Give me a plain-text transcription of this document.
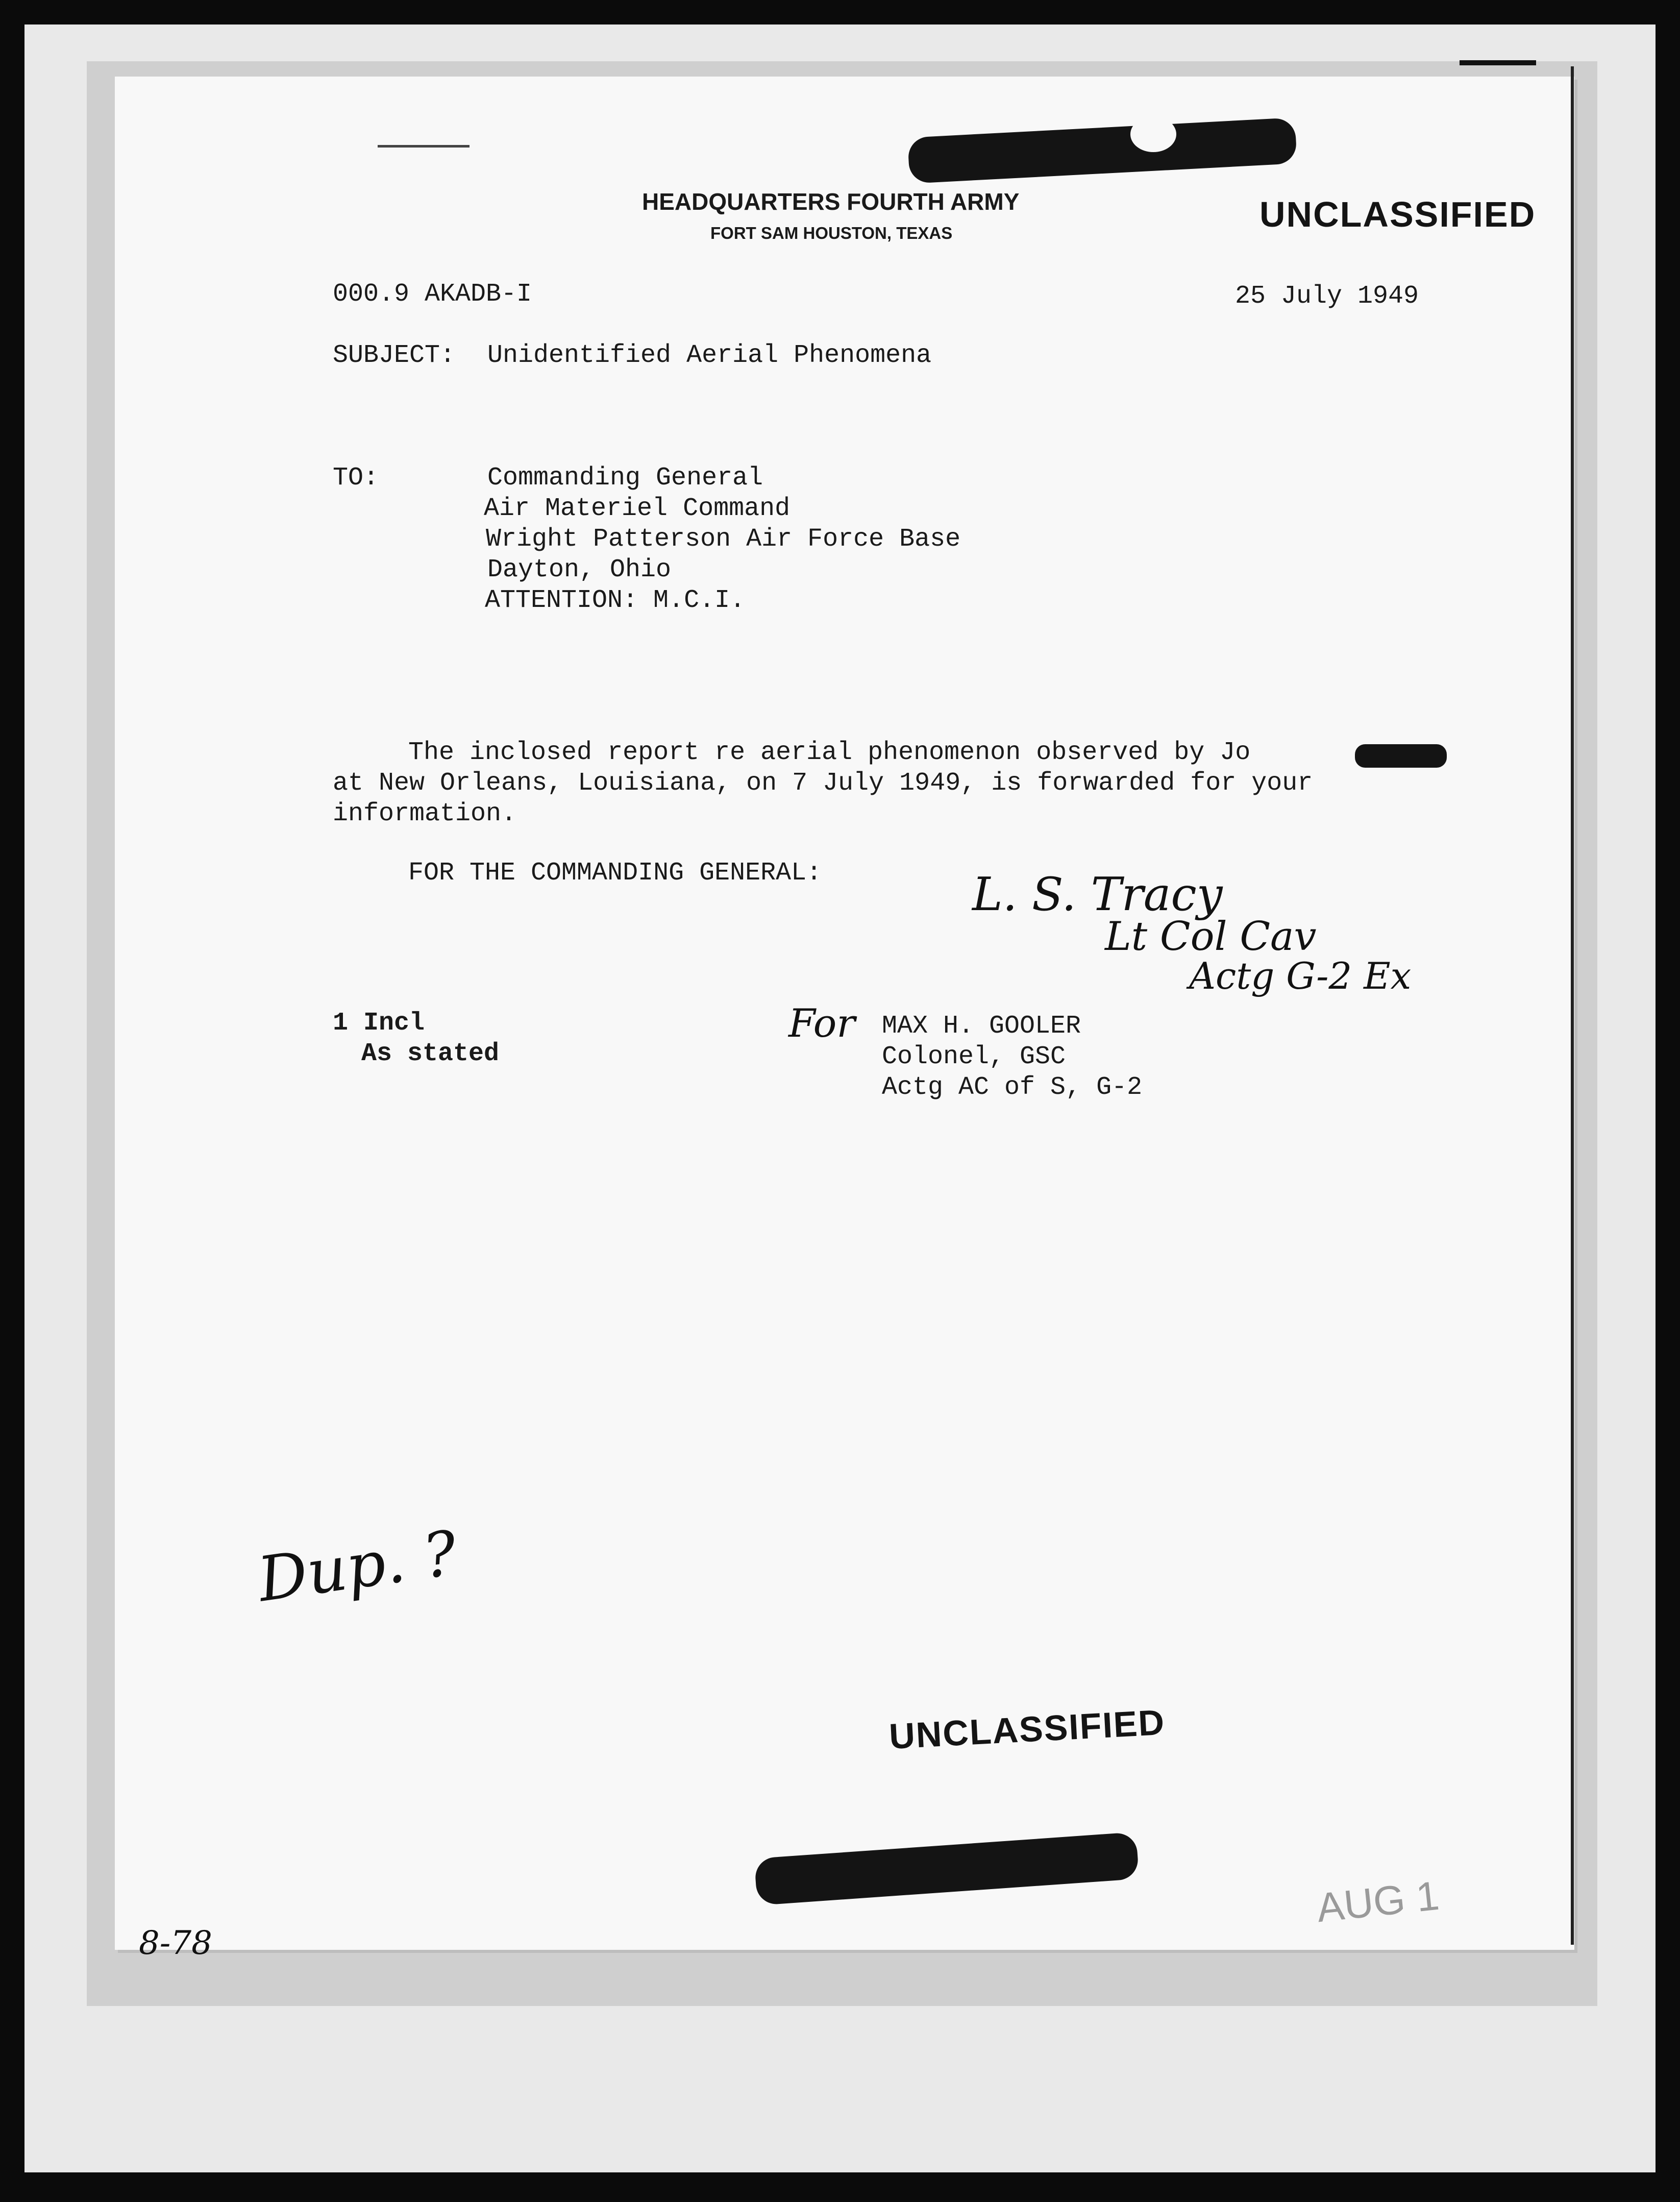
HEADQUARTERS FOURTH ARMY
FORT SAM HOUSTON, TEXAS	UNCLASSIFIED
000.9 AKADB-I	25 July 1949
SUBJECT: Unidentified Aerial Phenomena
TO:	Commanding General
Air Materiel Command
Wright Patterson Air Force Base
Dayton, Ohio
ATTENTION: M.C.I.
The inclosed report re aerial phenomenon observed by Jo
at New Orleans, Louisiana, on 7 July 1949, is forwarded for your
information.
FOR THE COMMANDING GENERAL:	L. S. Tracy
Lt Col Cav
Actg G-2 Ex
1 Incl
As stated
For MAX H. GOOLER
Colonel, GSC
Actg AC of S, G-2
Dup. ?
UNCLASSIFIED
AUG 1
8-78
